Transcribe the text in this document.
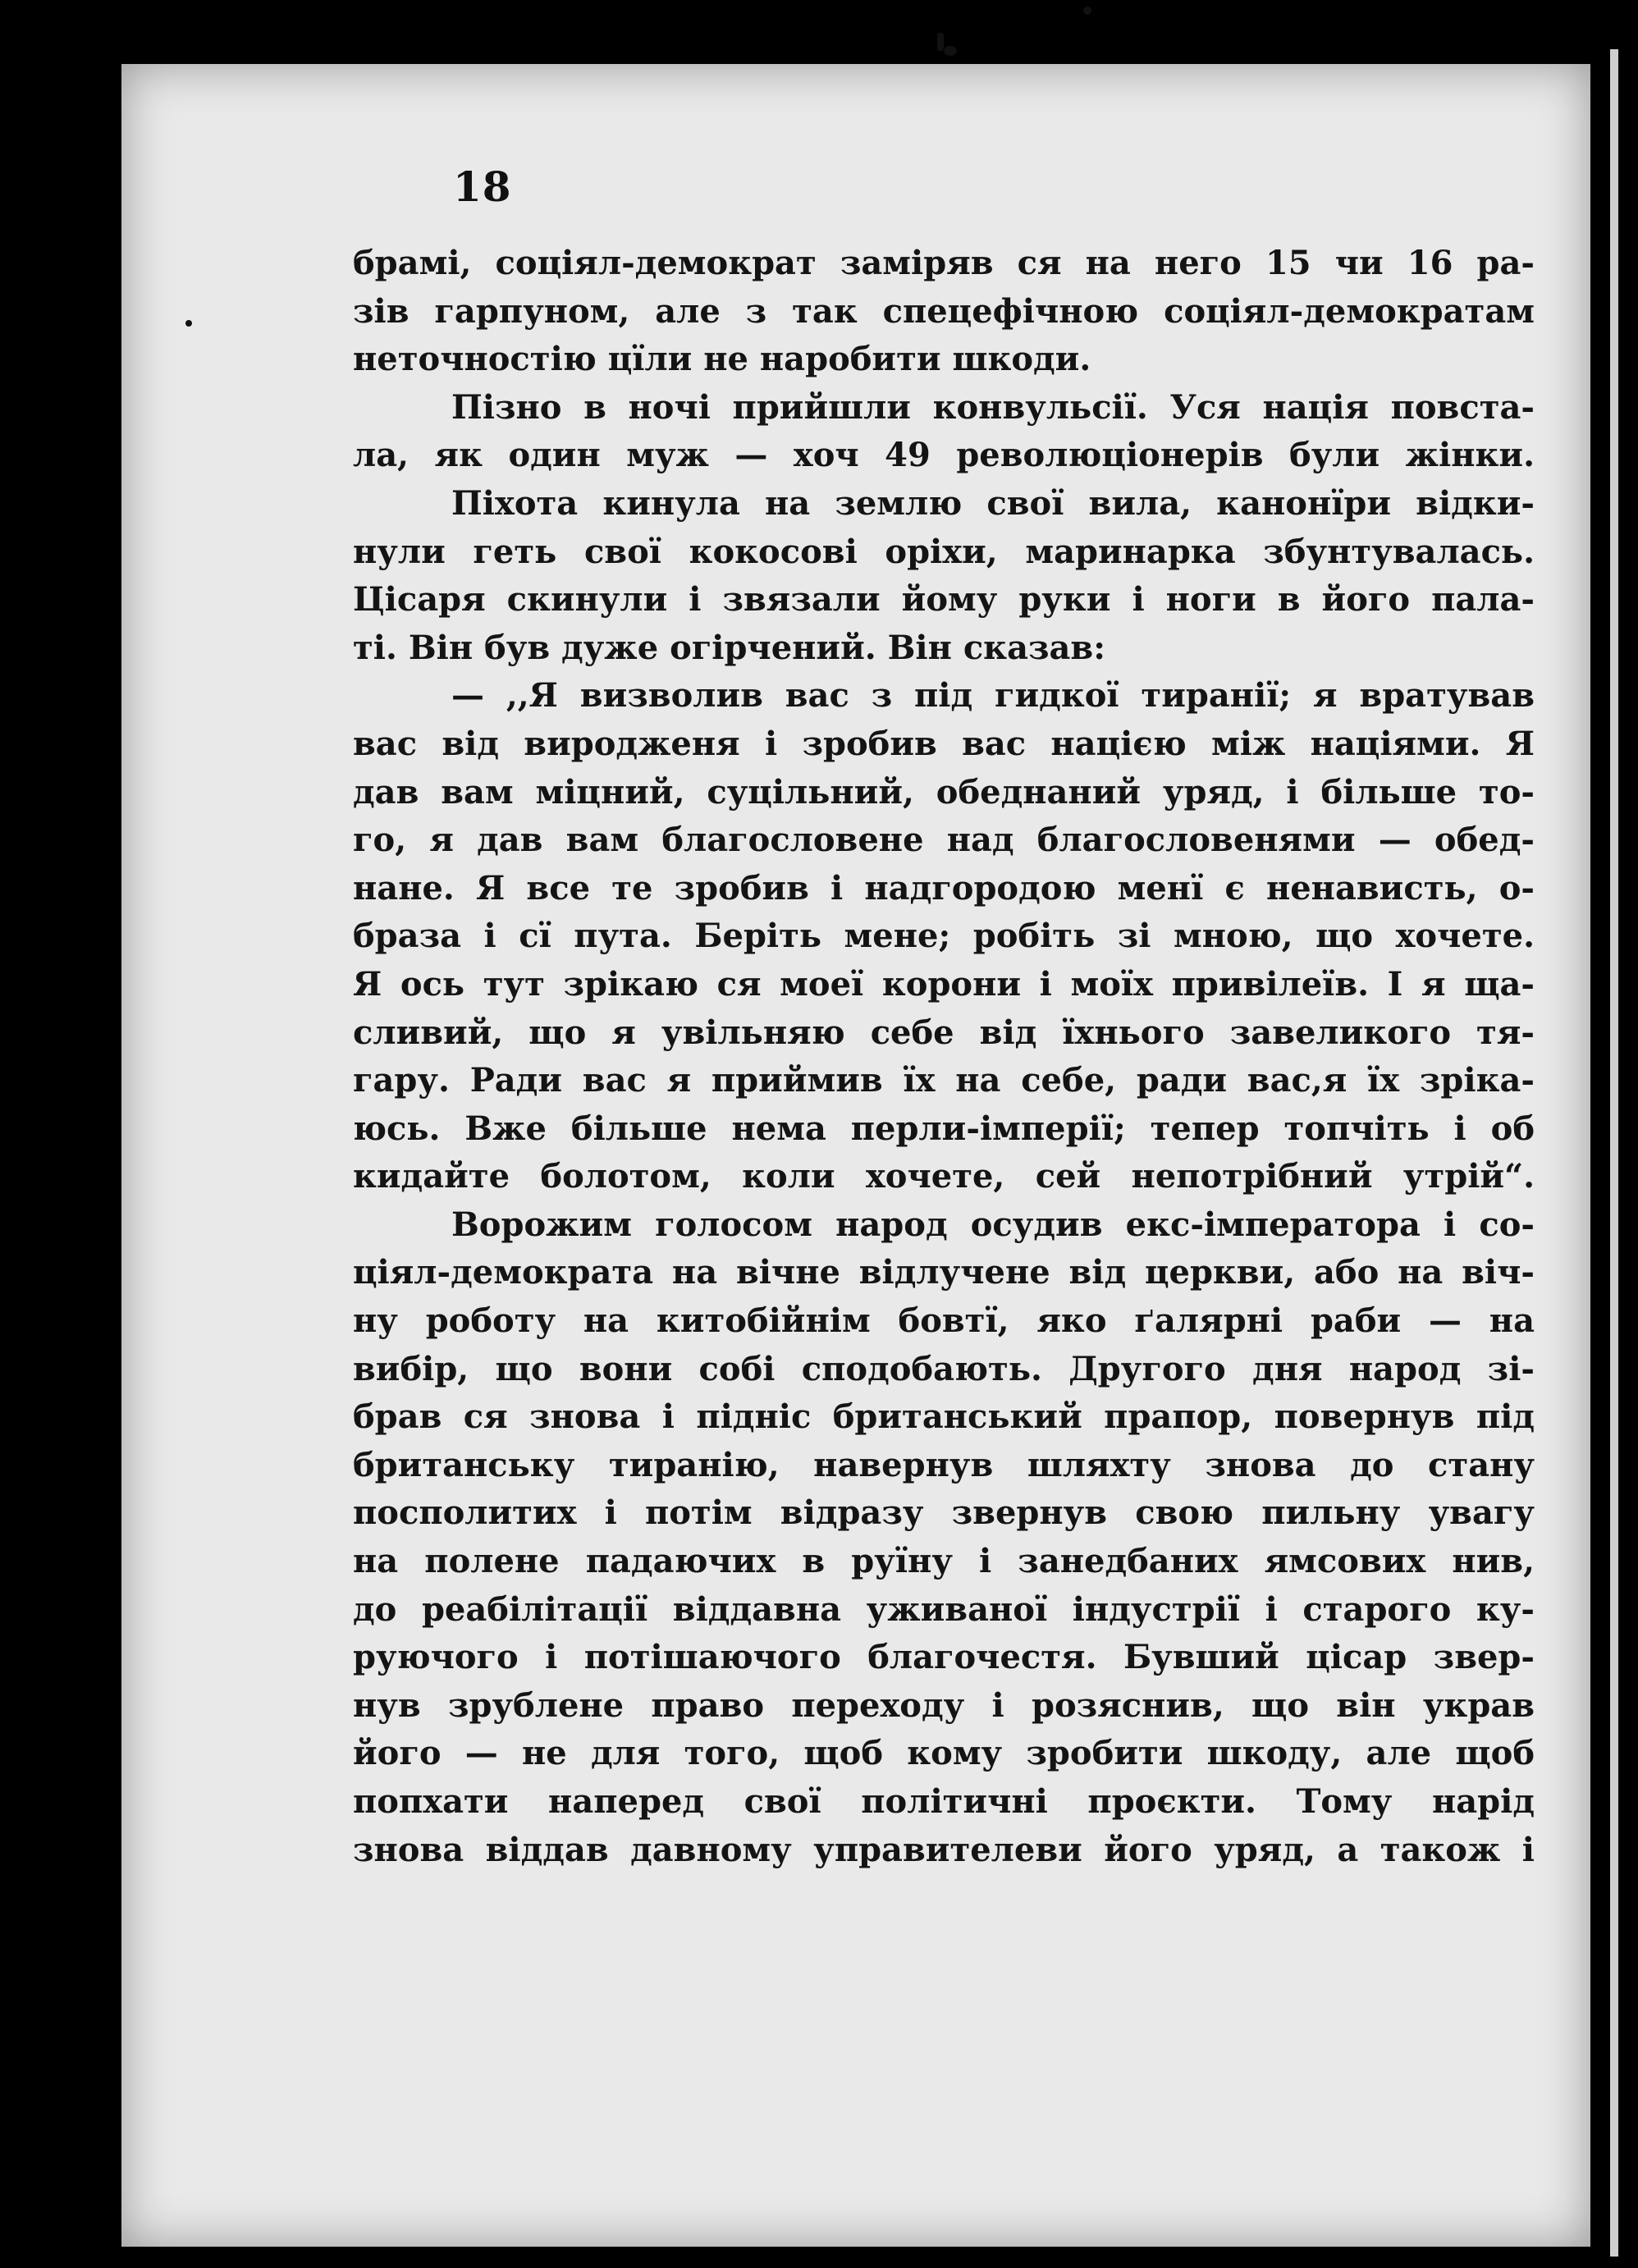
18
брамі, соціял-демократ заміряв ся на него 15 чи 16 ра-
зів гарпуном, але з так спецефічною соціял-демократам
неточностію цїли не наробити шкоди.
Пізно в ночі прийшли конвульсії. Уся нація повста-
ла, як один муж — хоч 49 революціонерів були жінки.
Піхота кинула на землю свої вила, канонїри відки-
нули геть свої кокосові оріхи, маринарка збунтувалась.
Цісаря скинули і звязали йому руки і ноги в його пала-
ті. Він був дуже огірчений. Він сказав:
— ,,Я визволив вас з під гидкої тиранії; я вратував
вас від виродженя і зробив вас нацією між націями. Я
дав вам міцний, суцільний, обеднаний уряд, і більше то-
го, я дав вам благословене над благословенями — обед-
нане. Я все те зробив і надгородою менї є ненависть, о-
браза і сї пута. Беріть мене; робіть зі мною, що хочете.
Я ось тут зрікаю ся моеї корони і моїх привілеїв. І я ща-
сливий, що я увільняю себе від їхнього завеликого тя-
гару. Ради вас я приймив їх на себе, ради вас,я їх зріка-
юсь. Вже більше нема перли-імперії; тепер топчіть і об
кидайте болотом, коли хочете, сей непотрібний утрій“.
Ворожим голосом народ осудив екс-імператора і со-
ціял-демократа на вічне відлучене від церкви, або на віч-
ну роботу на китобійнім бовтї, яко ґалярні раби — на
вибір, що вони собі сподобають. Другого дня народ зі-
брав ся знова і підніс британський прапор, повернув під
британську тиранію, навернув шляхту знова до стану
посполитих і потім відразу звернув свою пильну увагу
на полене падаючих в руїну і занедбаних ямсових нив,
до реабілітації віддавна уживаної індустрії і старого ку-
руючого і потішаючого благочестя. Бувший цісар звер-
нув зрублене право переходу і розяснив, що він украв
його — не для того, щоб кому зробити шкоду, але щоб
попхати наперед свої політичні проєкти. Тому нарід
знова віддав давному управителеви його уряд, а також і
